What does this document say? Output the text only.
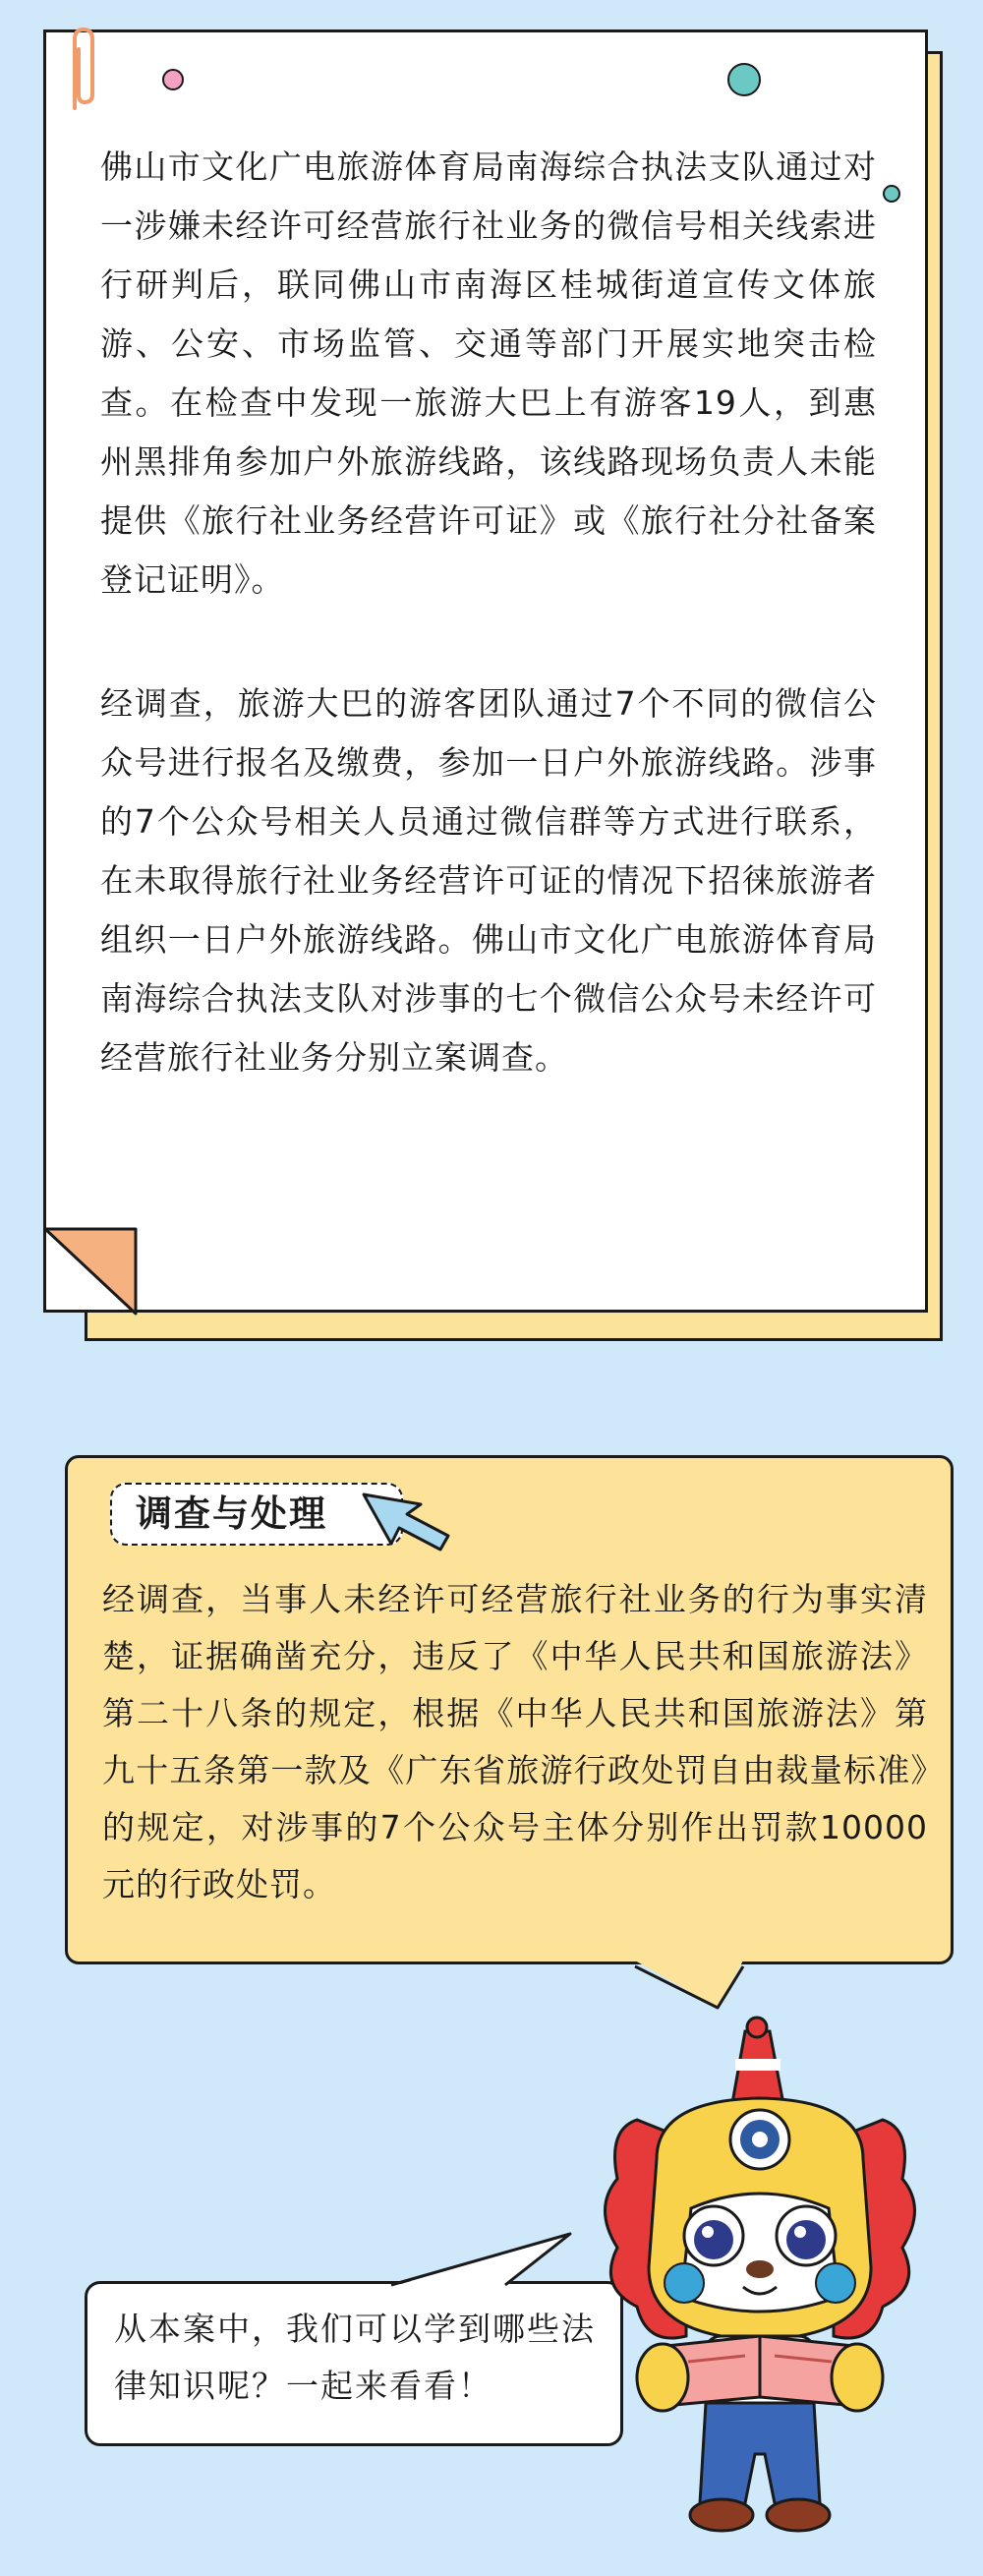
佛山市文化广电旅游体育局南海综合执法支队通过对一涉嫌未经许可经营旅行社业务的微信号相关线索进行研判后，联同佛山市南海区桂城街道宣传文体旅游、公安、市场监管、交通等部门开展实地突击检查。在检查中发现一旅游大巴上有游客19人，到惠州黑排角参加户外旅游线路，该线路现场负责人未能提供《旅行社业务经营许可证》或《旅行社分社备案登记证明》。

经调查，旅游大巴的游客团队通过7个不同的微信公众号进行报名及缴费，参加一日户外旅游线路。涉事的7个公众号相关人员通过微信群等方式进行联系，在未取得旅行社业务经营许可证的情况下招徕旅游者组织一日户外旅游线路。佛山市文化广电旅游体育局南海综合执法支队对涉事的七个微信公众号未经许可经营旅行社业务分别立案调查。

调查与处理

经调查，当事人未经许可经营旅行社业务的行为事实清楚，证据确凿充分，违反了《中华人民共和国旅游法》第二十八条的规定，根据《中华人民共和国旅游法》第九十五条第一款及《广东省旅游行政处罚自由裁量标准》的规定，对涉事的7个公众号主体分别作出罚款10000元的行政处罚。

从本案中，我们可以学到哪些法律知识呢？一起来看看！
